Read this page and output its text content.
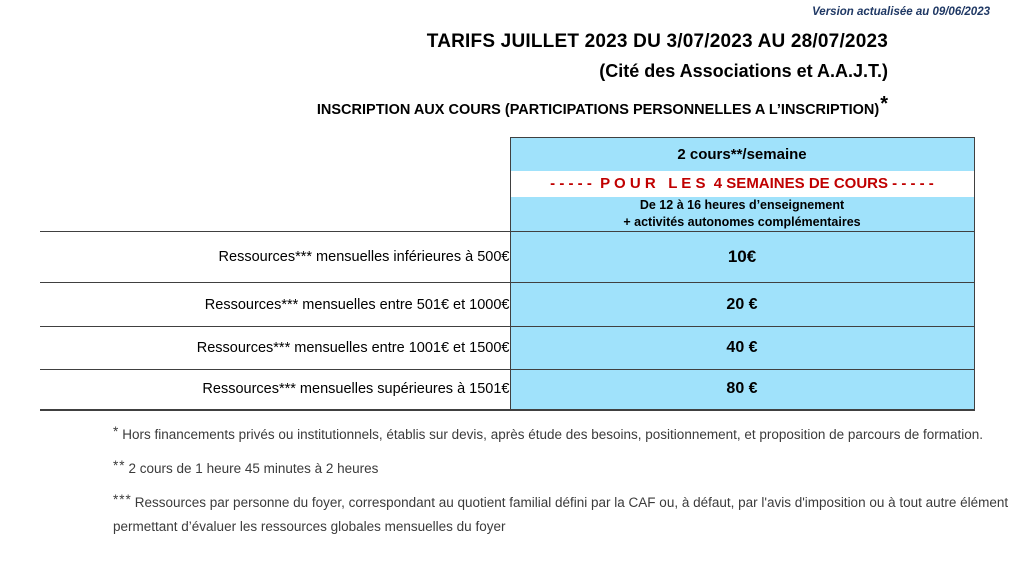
Version actualisée au 09/06/2023
TARIFS JUILLET 2023 DU 3/07/2023 AU 28/07/2023
(Cité des Associations et A.A.J.T.)
INSCRIPTION AUX COURS (PARTICIPATIONS PERSONNELLES A L’INSCRIPTION)*
	2 cours**/semaine
	- - - - -  P O U R   L E S  4 SEMAINES DE COURS - - - - -
	De 12 à 16 heures d’enseignement
+ activités autonomes complémentaires
Ressources*** mensuelles inférieures à 500€	10€
Ressources*** mensuelles entre 501€ et 1000€	20 €
Ressources*** mensuelles entre 1001€ et 1500€	40 €
Ressources*** mensuelles supérieures à 1501€	80 €

* Hors financements privés ou institutionnels, établis sur devis, après étude des besoins, positionnement, et proposition de parcours de formation.

** 2 cours de 1 heure 45 minutes à 2 heures

*** Ressources par personne du foyer, correspondant au quotient familial défini par la CAF ou, à défaut, par l'avis d'imposition ou à tout autre élément permettant d’évaluer les ressources globales mensuelles du foyer
